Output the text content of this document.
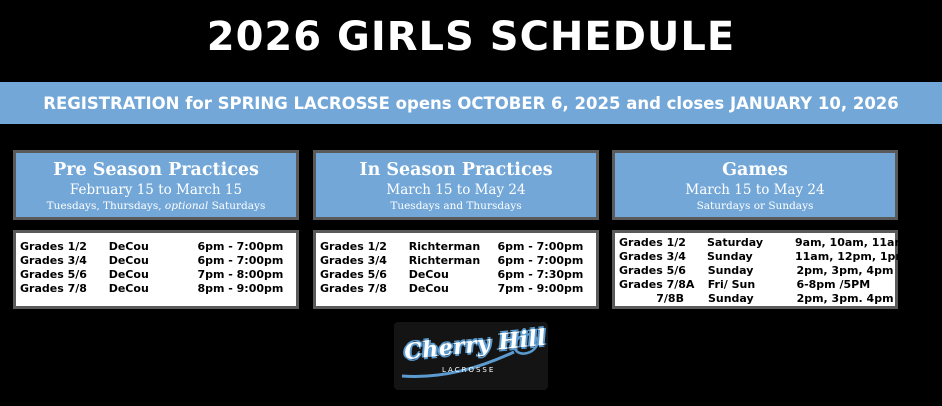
2026 GIRLS SCHEDULE
REGISTRATION for SPRING LACROSSE opens OCTOBER 6, 2025 and closes JANUARY 10, 2026
Pre Season Practices
February 15 to March 15
Tuesdays, Thursdays, optional Saturdays
Grades 1/2	DeCou	6pm - 7:00pm
Grades 3/4	DeCou	6pm - 7:00pm
Grades 5/6	DeCou	7pm - 8:00pm
Grades 7/8	DeCou	8pm - 9:00pm
In Season Practices
March 15 to May 24
Tuesdays and Thursdays
Grades 1/2	Richterman	6pm - 7:00pm
Grades 3/4	Richterman	6pm - 7:00pm
Grades 5/6	DeCou	6pm - 7:30pm
Grades 7/8	DeCou	7pm - 9:00pm
Games
March 15 to May 24
Saturdays or Sundays
Grades 1/2	Saturday	9am, 10am, 11am
Grades 3/4	Sunday	11am, 12pm, 1pm
Grades 5/6	Sunday	2pm, 3pm, 4pm
Grades 7/8A	Fri/ Sun	6-8pm /5PM
7/8B	Sunday	2pm, 3pm. 4pm
Cherry Hill
LACROSSE
